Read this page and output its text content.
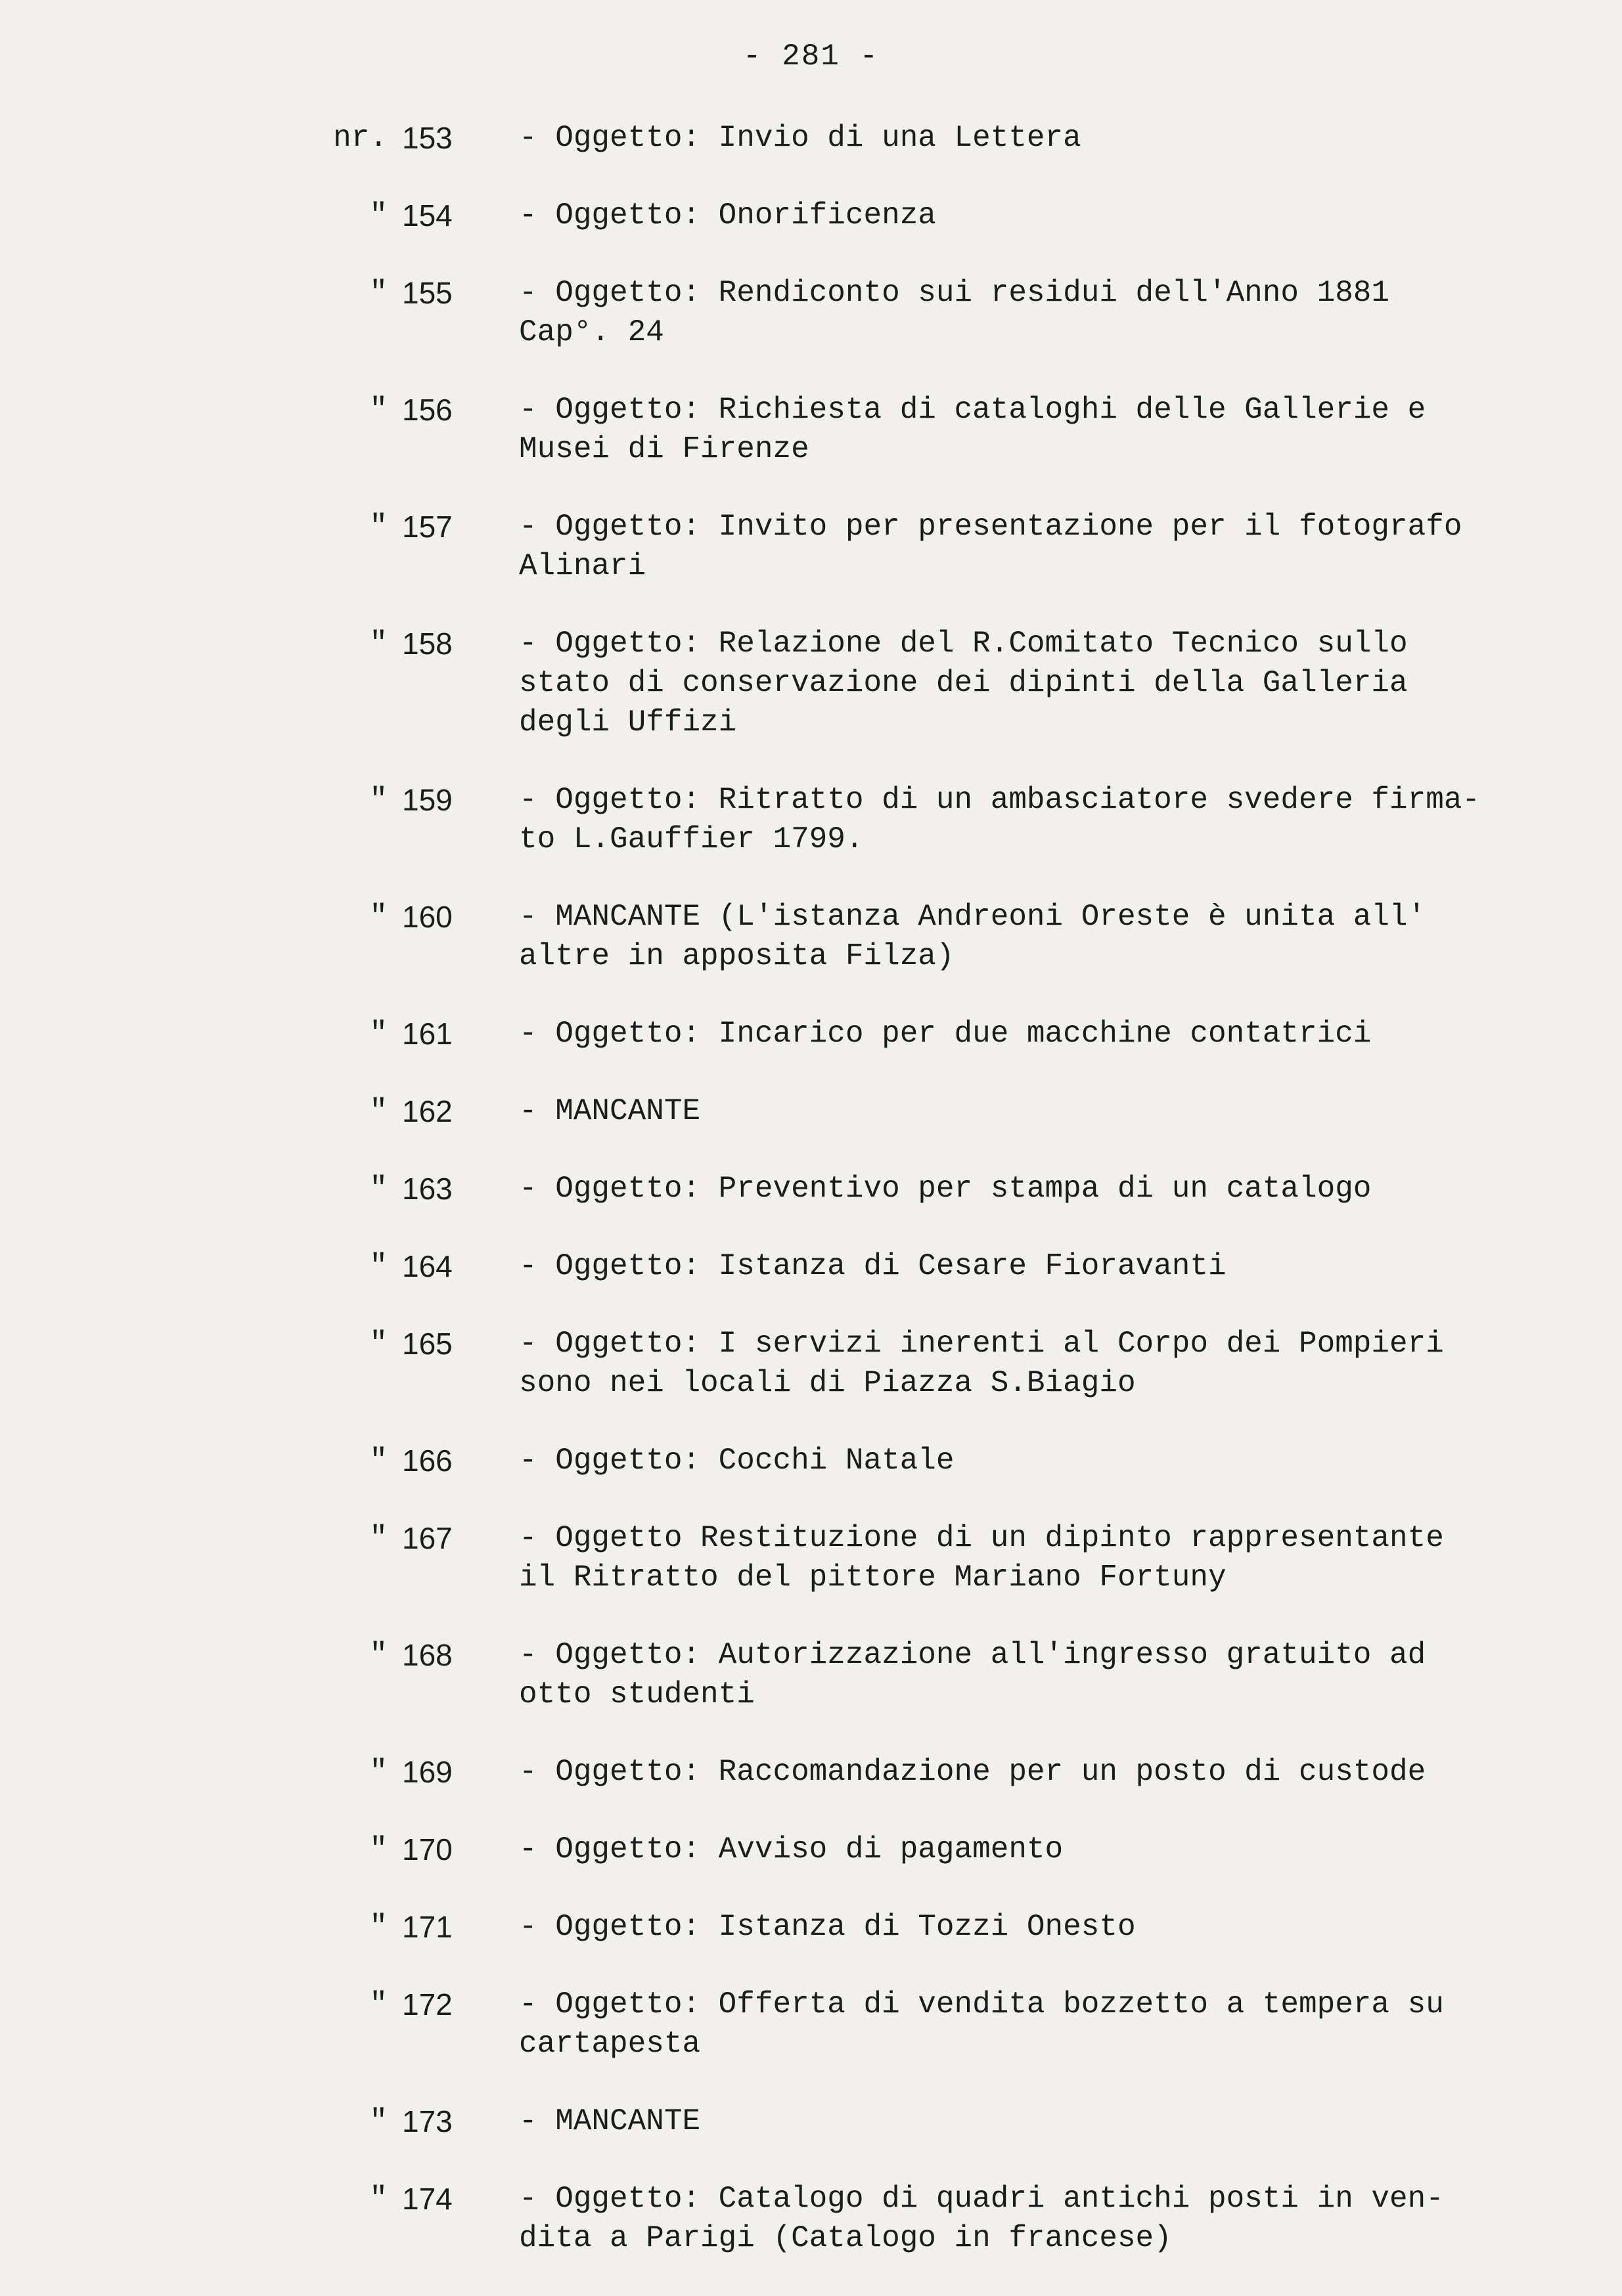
- 281 -
nr. 153	- Oggetto: Invio di una Lettera
" 154	- Oggetto: Onorificenza
" 155	- Oggetto: Rendiconto sui residui dell'Anno 1881
Cap°. 24
" 156	- Oggetto: Richiesta di cataloghi delle Gallerie e
Musei di Firenze
" 157	- Oggetto: Invito per presentazione per il fotografo
Alinari
" 158	- Oggetto: Relazione del R.Comitato Tecnico sullo
stato di conservazione dei dipinti della Galleria
degli Uffizi
" 159	- Oggetto: Ritratto di un ambasciatore svedere firma-
to L.Gauffier 1799.
" 160	- MANCANTE (L'istanza Andreoni Oreste è unita all'
altre in apposita Filza)
" 161	- Oggetto: Incarico per due macchine contatrici
" 162	- MANCANTE
" 163	- Oggetto: Preventivo per stampa di un catalogo
" 164	- Oggetto: Istanza di Cesare Fioravanti
" 165	- Oggetto: I servizi inerenti al Corpo dei Pompieri
sono nei locali di Piazza S.Biagio
" 166	- Oggetto: Cocchi Natale
" 167	- Oggetto Restituzione di un dipinto rappresentante
il Ritratto del pittore Mariano Fortuny
" 168	- Oggetto: Autorizzazione all'ingresso gratuito ad
otto studenti
" 169	- Oggetto: Raccomandazione per un posto di custode
" 170	- Oggetto: Avviso di pagamento
" 171	- Oggetto: Istanza di Tozzi Onesto
" 172	- Oggetto: Offerta di vendita bozzetto a tempera su
cartapesta
" 173	- MANCANTE
" 174	- Oggetto: Catalogo di quadri antichi posti in ven-
dita a Parigi (Catalogo in francese)
